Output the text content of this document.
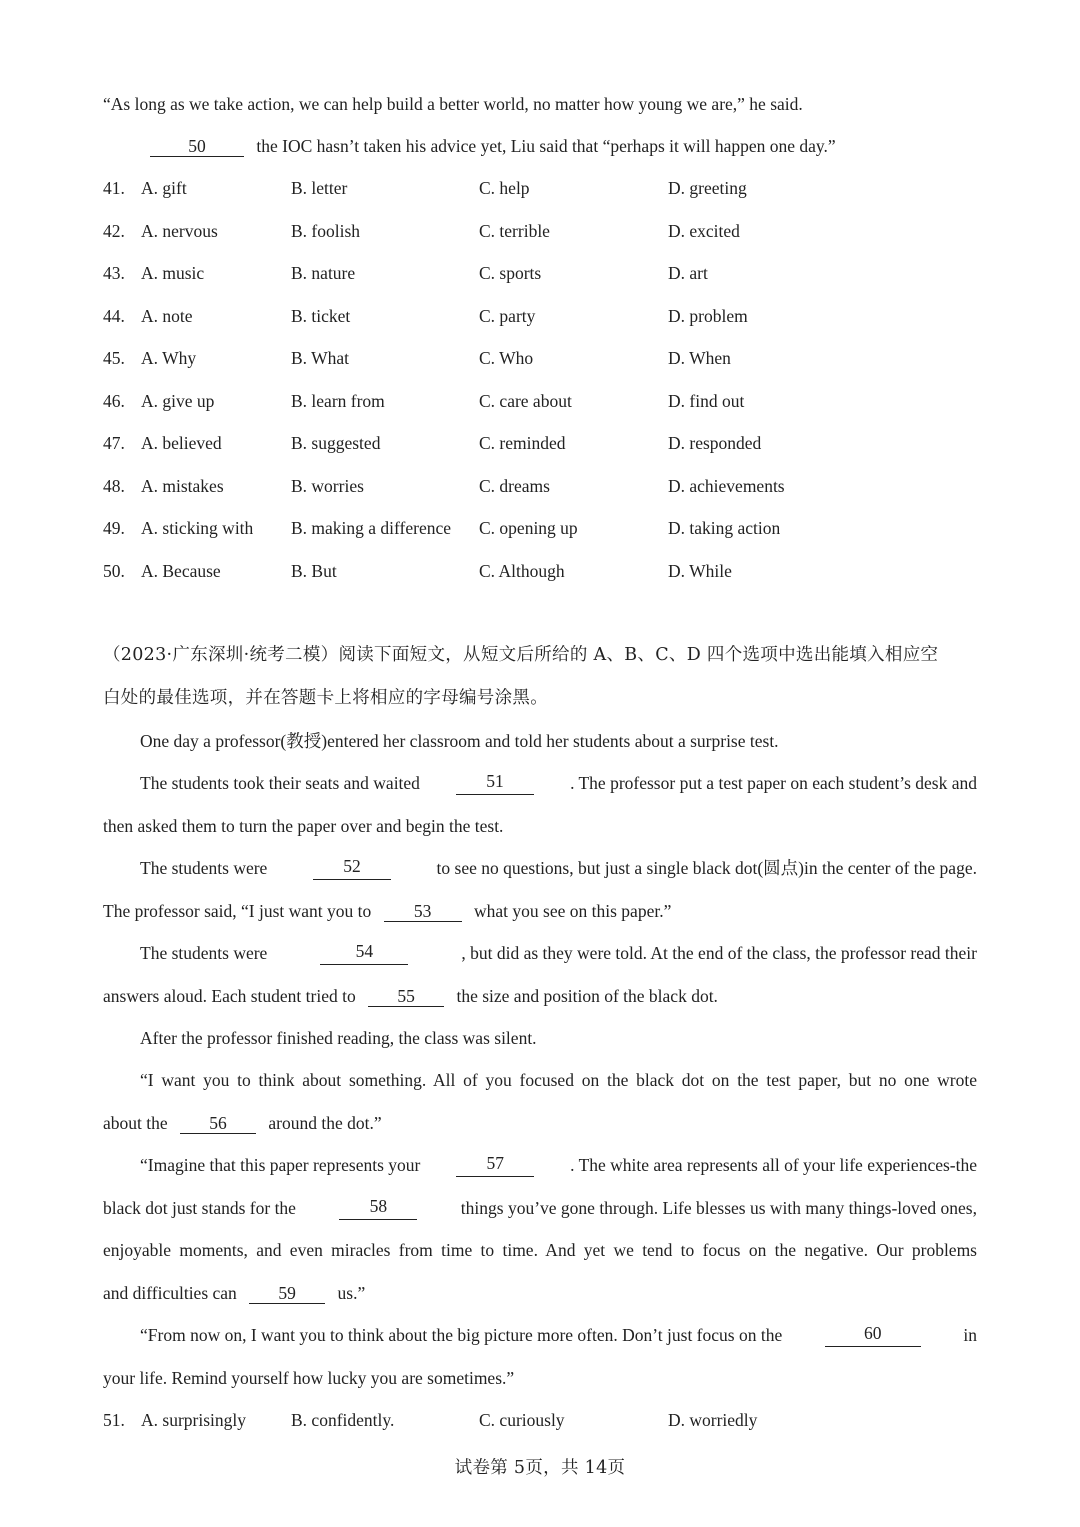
“As long as we take action, we can help build a better world, no matter how young we are,” he said.
50	the IOC hasn’t taken his advice yet, Liu said that “perhaps it will happen one day.”
41. A. gift	B. letter	C. help	D. greeting
42. A. nervous	B. foolish	C. terrible	D. excited
43. A. music	B. nature	C. sports	D. art
44. A. note	B. ticket	C. party	D. problem
45. A. Why	B. What	C. Who	D. When
46. A. give up	B. learn from	C. care about	D. find out
47. A. believed	B. suggested	C. reminded	D. responded
48. A. mistakes	B. worries	C. dreams	D. achievements
49. A. sticking with B. making a difference C. opening up	D. taking action
50. A. Because	B. But	C. Although	D. While
（2023·广东深圳·统考二模）阅读下面短文，从短文后所给的 A、B、C、D 四个选项中选出能填入相应空
白处的最佳选项，并在答题卡上将相应的字母编号涂黑。
One day a professor(教授)entered her classroom and told her students about a surprise test.
The students took their seats and waited	51	. The professor put a test paper on each student’s desk and
then asked them to turn the paper over and begin the test.
The students were	52	to see no questions, but just a single black dot(圆点)in the center of the page.
The professor said, “I just want you to 53 what you see on this paper.”
The students were	54	, but did as they were told. At the end of the class, the professor read their
answers aloud. Each student tried to 55 the size and position of the black dot.
After the professor finished reading, the class was silent.
“I want you to think about something. All of you focused on the black dot on the test paper, but no one wrote
about the 56 around the dot.”
“Imagine that this paper represents your	57	. The white area represents all of your life experiences-the
black dot just stands for the	58	things you’ve gone through. Life blesses us with many things-loved ones,
enjoyable moments, and even miracles from time to time. And yet we tend to focus on the negative. Our problems
and difficulties can 59 us.”
“From now on, I want you to think about the big picture more often. Don’t just focus on the	60	in
your life. Remind yourself how lucky you are sometimes.”
51. A. surprisingly	B. confidently.	C. curiously	D. worriedly
试卷第 5页，共 14页
